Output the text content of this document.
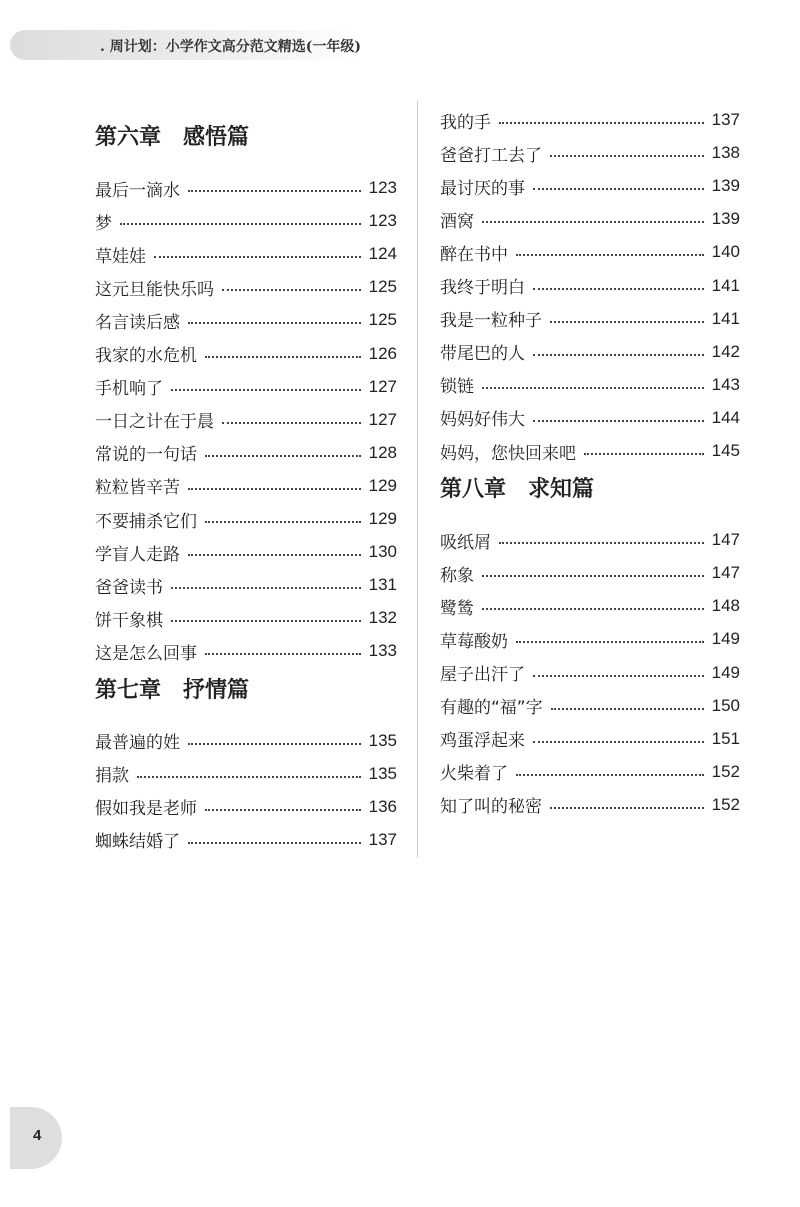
. 周计划：小学作文高分范文精选(一年级)
第六章 感悟篇
最后一滴水	123
梦	123
草娃娃	124
这元旦能快乐吗	125
名言读后感	125
我家的水危机	126
手机响了	127
一日之计在于晨	127
常说的一句话	128
粒粒皆辛苦	129
不要捕杀它们	129
学盲人走路	130
爸爸读书	131
饼干象棋	132
这是怎么回事	133
第七章 抒情篇
最普遍的姓	135
捐款	135
假如我是老师	136
蜘蛛结婚了	137
我的手	137
爸爸打工去了	138
最讨厌的事	139
酒窝	139
醉在书中	140
我终于明白	141
我是一粒种子	141
带尾巴的人	142
锁链	143
妈妈好伟大	144
妈妈，您快回来吧	145
第八章 求知篇
吸纸屑	147
称象	147
鹭鸶	148
草莓酸奶	149
屋子出汗了	149
有趣的“福”字	150
鸡蛋浮起来	151
火柴着了	152
知了叫的秘密	152
4
